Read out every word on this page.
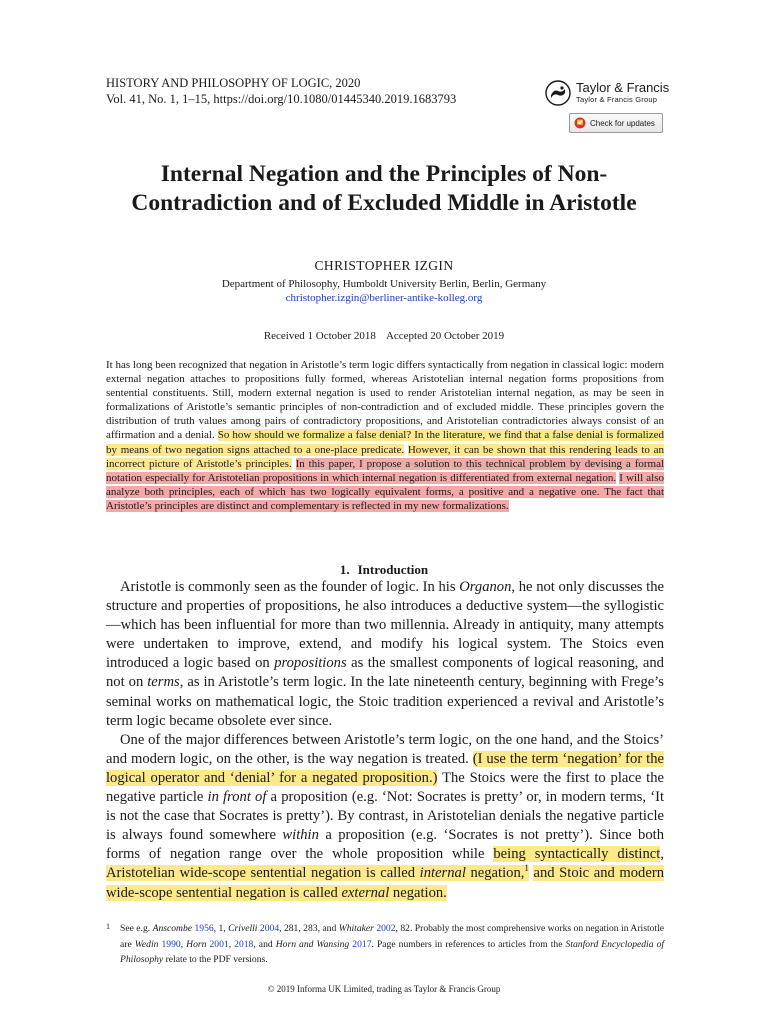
HISTORY AND PHILOSOPHY OF LOGIC, 2020
Vol. 41, No. 1, 1–15, https://doi.org/10.1080/01445340.2019.1683793
Taylor & Francis
Taylor & Francis Group
Check for updates
Internal Negation and the Principles of Non-Contradiction and of Excluded Middle in Aristotle
CHRISTOPHER IZGIN
Department of Philosophy, Humboldt University Berlin, Berlin, Germany
christopher.izgin@berliner-antike-kolleg.org
Received 1 October 2018 Accepted 20 October 2019
It has long been recognized that negation in Aristotle’s term logic differs syntactically from negation in classical logic: modern external negation attaches to propositions fully formed, whereas Aristotelian internal negation forms propositions from sentential constituents. Still, modern external negation is used to render Aristotelian internal negation, as may be seen in formalizations of Aristotle’s semantic principles of non-contradiction and of excluded middle. These principles govern the distribution of truth values among pairs of contradictory propositions, and Aristotelian contradictories always consist of an affirmation and a denial. So how should we formalize a false denial? In the literature, we find that a false denial is formalized by means of two negation signs attached to a one-place predicate. However, it can be shown that this rendering leads to an incorrect picture of Aristotle’s principles. In this paper, I propose a solution to this technical problem by devising a formal notation especially for Aristotelian propositions in which internal negation is differentiated from external negation. I will also analyze both principles, each of which has two logically equivalent forms, a positive and a negative one. The fact that Aristotle’s principles are distinct and complementary is reflected in my new formalizations.
1. Introduction

Aristotle is commonly seen as the founder of logic. In his Organon, he not only discusses the structure and properties of propositions, he also introduces a deductive system—the syllogistic—which has been influential for more than two millennia. Already in antiquity, many attempts were undertaken to improve, extend, and modify his logical system. The Stoics even introduced a logic based on propositions as the smallest components of logical reasoning, and not on terms, as in Aristotle’s term logic. In the late nineteenth century, beginning with Frege’s seminal works on mathematical logic, the Stoic tradition experienced a revival and Aristotle’s term logic became obsolete ever since.

One of the major differences between Aristotle’s term logic, on the one hand, and the Stoics’ and modern logic, on the other, is the way negation is treated. (I use the term ‘negation’ for the logical operator and ‘denial’ for a negated proposition.) The Stoics were the first to place the negative particle in front of a proposition (e.g. ‘Not: Socrates is pretty’ or, in modern terms, ‘It is not the case that Socrates is pretty’). By contrast, in Aristotelian denials the negative particle is always found somewhere within a proposition (e.g. ‘Socrates is not pretty’). Since both forms of negation range over the whole proposition while being syntactically distinct, Aristotelian wide-scope sentential negation is called internal negation,$^1$ and Stoic and modern wide-scope sentential negation is called external negation.

1 See e.g. Anscombe 1956, 1, Crivelli 2004, 281, 283, and Whitaker 2002, 82. Probably the most comprehensive works on negation in Aristotle are Wedin 1990, Horn 2001, 2018, and Horn and Wansing 2017. Page numbers in references to articles from the Stanford Encyclopedia of Philosophy relate to the PDF versions.
© 2019 Informa UK Limited, trading as Taylor & Francis Group
